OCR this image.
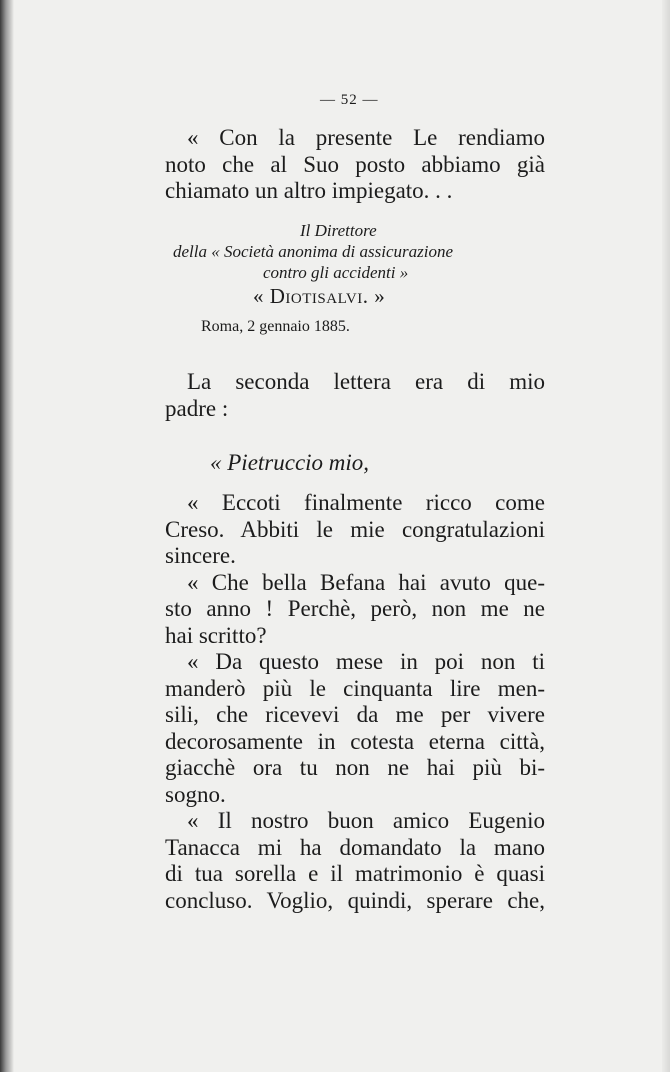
— 52 —
« Con la presente Le rendiamo
noto che al Suo posto abbiamo già
chiamato un altro impiegato. . .
Il Direttore
della « Società anonima di assicurazione
contro gli accidenti »
« Diotisalvi. »
Roma, 2 gennaio 1885.
La seconda lettera era di mio
padre :
« Pietruccio mio,
« Eccoti finalmente ricco come
Creso. Abbiti le mie congratulazioni
sincere.
« Che bella Befana hai avuto que-
sto anno ! Perchè, però, non me ne
hai scritto?
« Da questo mese in poi non ti
manderò più le cinquanta lire men-
sili, che ricevevi da me per vivere
decorosamente in cotesta eterna città,
giacchè ora tu non ne hai più bi-
sogno.
« Il nostro buon amico Eugenio
Tanacca mi ha domandato la mano
di tua sorella e il matrimonio è quasi
concluso. Voglio, quindi, sperare che,
